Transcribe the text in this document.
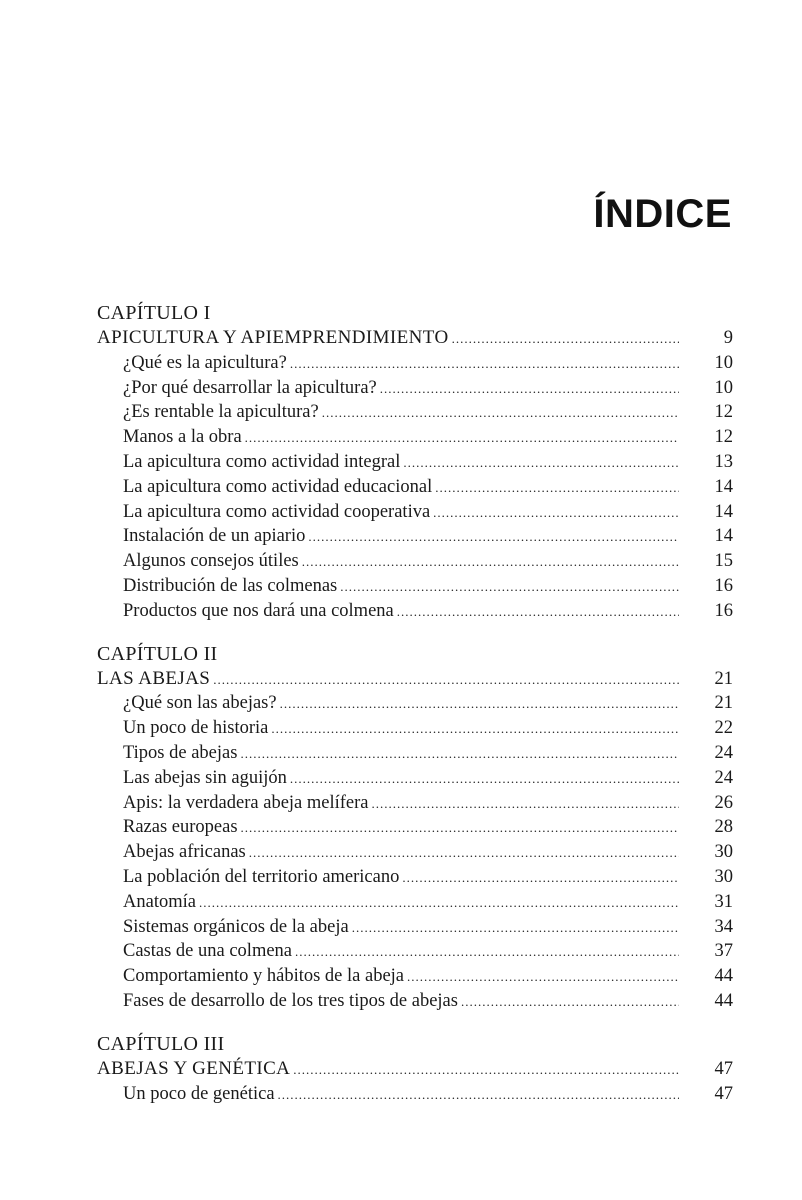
ÍNDICE
CAPÍTULO I
APICULTURA Y APIEMPRENDIMIENTO .....	9
¿Qué es la apicultura? .....	10
¿Por qué desarrollar la apicultura? .....	10
¿Es rentable la apicultura? .....	12
Manos a la obra .....	12
La apicultura como actividad integral .....	13
La apicultura como actividad educacional .....	14
La apicultura como actividad cooperativa .....	14
Instalación de un apiario .....	14
Algunos consejos útiles .....	15
Distribución de las colmenas .....	16
Productos que nos dará una colmena .....	16
CAPÍTULO II
LAS ABEJAS .....	21
¿Qué son las abejas? .....	21
Un poco de historia .....	22
Tipos de abejas .....	24
Las abejas sin aguijón .....	24
Apis: la verdadera abeja melífera .....	26
Razas europeas .....	28
Abejas africanas .....	30
La población del territorio americano .....	30
Anatomía .....	31
Sistemas orgánicos de la abeja .....	34
Castas de una colmena .....	37
Comportamiento y hábitos de la abeja .....	44
Fases de desarrollo de los tres tipos de abejas .....	44
CAPÍTULO III
ABEJAS Y GENÉTICA .....	47
Un poco de genética .....	47
